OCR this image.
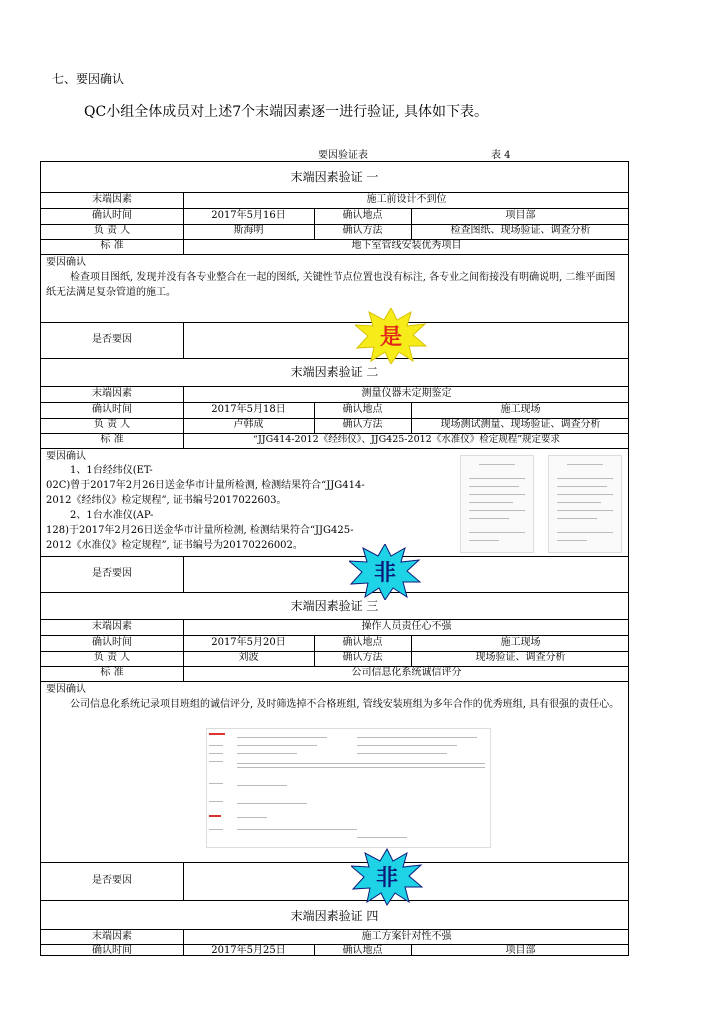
七、要因确认
QC小组全体成员对上述7个末端因素逐一进行验证, 具体如下表。
要因验证表	表 4
末端因素验证 一
末端因素	施工前设计不到位
确认时间	2017年5月16日	确认地点	项目部
负 责 人	斯海明	确认方法	检查图纸、现场验证、调查分析
标 准	地下室管线安装优秀项目
要因确认
检查项目图纸, 发现并没有各专业整合在一起的图纸, 关键性节点位置也没有标注, 各专业之间衔接没有明确说明, 二维平面图纸无法满足复杂管道的施工。
是否要因	是
末端因素验证 二
末端因素	测量仪器未定期鉴定
确认时间	2017年5月18日	确认地点	施工现场
负 责 人	卢韩成	确认方法	现场测试测量、现场验证、调查分析
标 准	“JJG414-2012《经纬仪》、JJG425-2012《水准仪》检定规程”规定要求
要因确认
1、1台经纬仪(ET-
02C)曾于2017年2月26日送金华市计量所检测, 检测结果符合“JJG414-
2012《经纬仪》检定规程”, 证书编号2017022603。
2、1台水准仪(AP-
128)于2017年2月26日送金华市计量所检测, 检测结果符合“JJG425-
2012《水准仪》检定规程”, 证书编号为20170226002。
是否要因	非
末端因素验证 三
末端因素	操作人员责任心不强
确认时间	2017年5月20日	确认地点	施工现场
负 责 人	刘波	确认方法	现场验证、调查分析
标 准	公司信息化系统诚信评分
要因确认
公司信息化系统记录项目班组的诚信评分, 及时筛选掉不合格班组, 管线安装班组为多年合作的优秀班组, 具有很强的责任心。
是否要因	非
末端因素验证 四
末端因素	施工方案针对性不强
确认时间	2017年5月25日	确认地点	项目部
